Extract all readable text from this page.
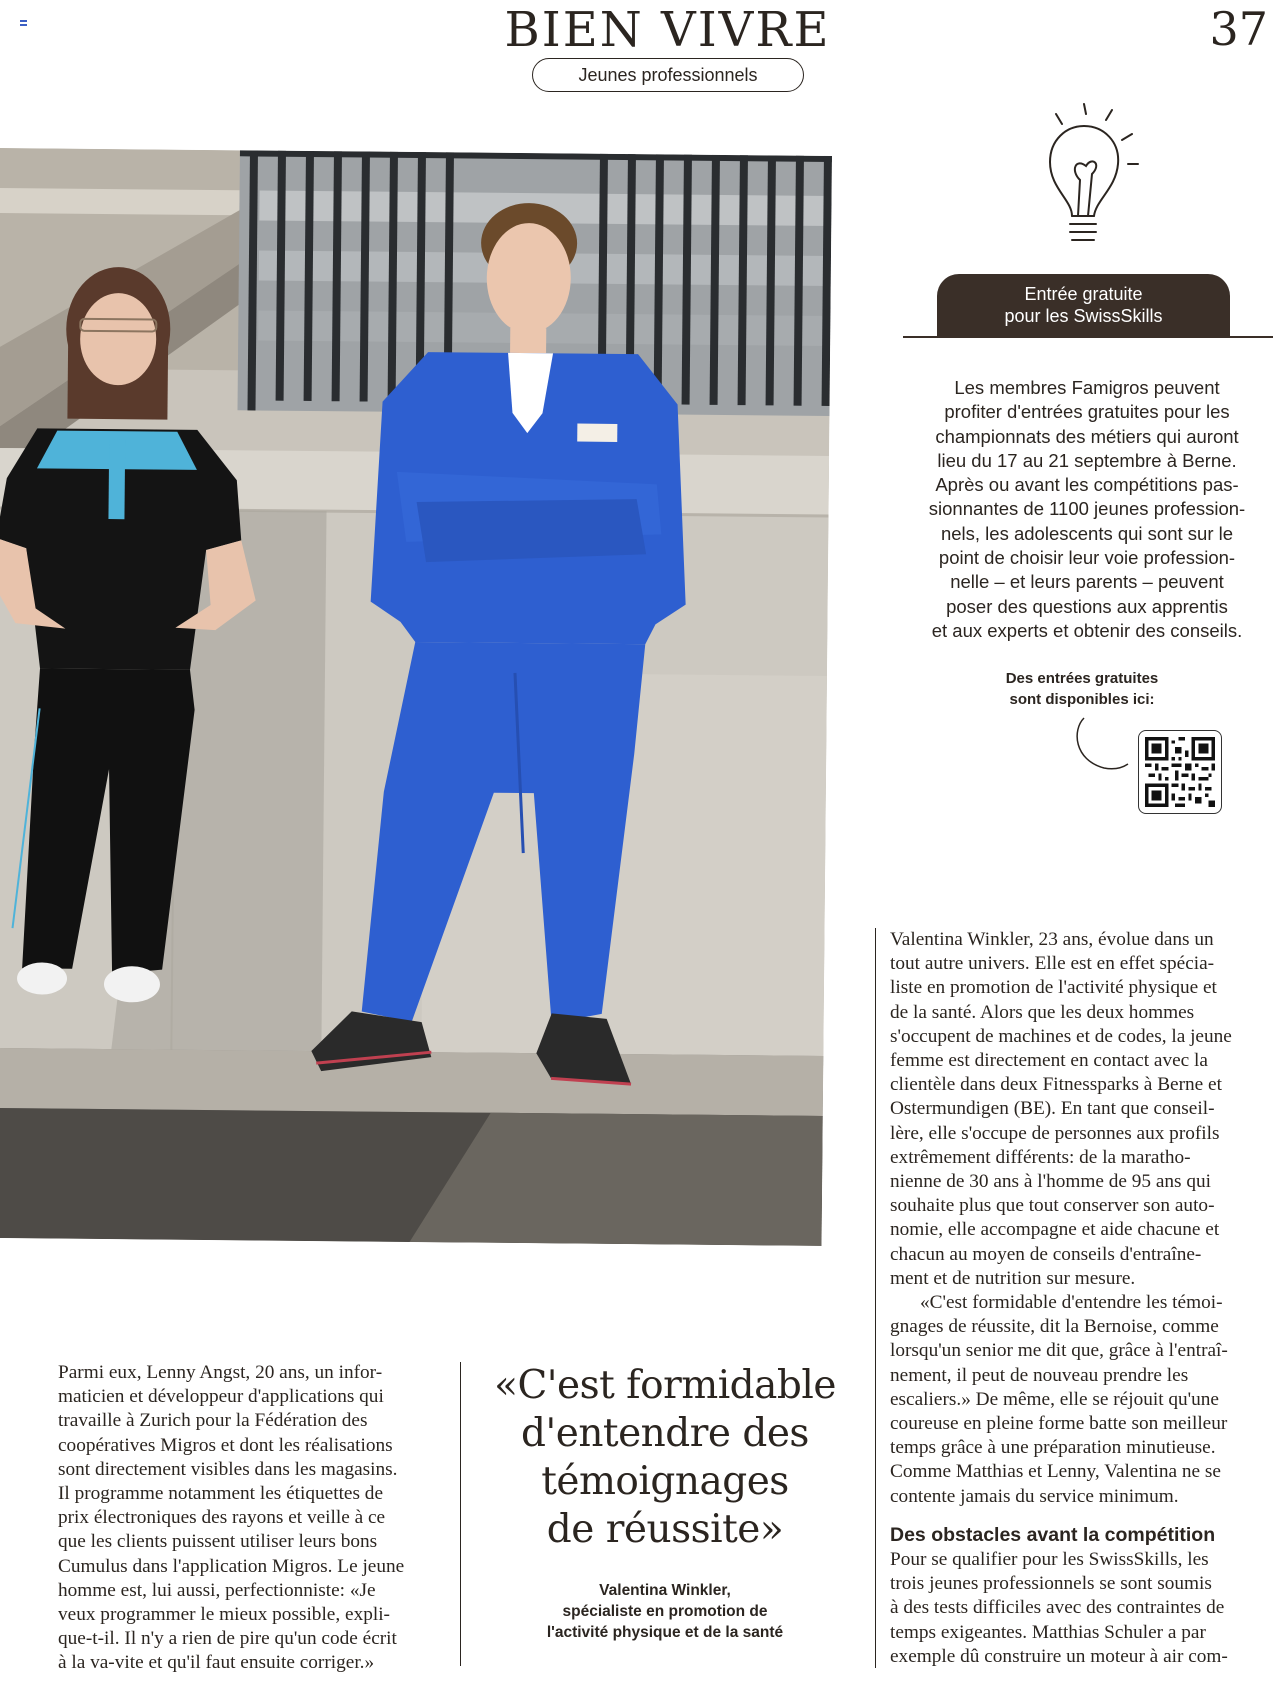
BIEN VIVRE	37
Jeunes professionnels
Entrée gratuite
pour les SwissSkills
Les membres Famigros peuvent
profiter d'entrées gratuites pour les
championnats des métiers qui auront
lieu du 17 au 21 septembre à Berne.
Après ou avant les compétitions pas-
sionnantes de 1100 jeunes profession-
nels, les adolescents qui sont sur le
point de choisir leur voie profession-
nelle – et leurs parents – peuvent
poser des questions aux apprentis
et aux experts et obtenir des conseils.
Des entrées gratuites
sont disponibles ici:
Parmi eux, Lenny Angst, 20 ans, un infor-
maticien et développeur d'applications qui
travaille à Zurich pour la Fédération des
coopératives Migros et dont les réalisations
sont directement visibles dans les magasins.
Il programme notamment les étiquettes de
prix électroniques des rayons et veille à ce
que les clients puissent utiliser leurs bons
Cumulus dans l'application Migros. Le jeune
homme est, lui aussi, perfectionniste: «Je
veux programmer le mieux possible, expli-
que-t-il. Il n'y a rien de pire qu'un code écrit
à la va-vite et qu'il faut ensuite corriger.»
«C'est formidable
d'entendre des
témoignages
de réussite»
Valentina Winkler,
spécialiste en promotion de
l'activité physique et de la santé
Valentina Winkler, 23 ans, évolue dans un
tout autre univers. Elle est en effet spécia-
liste en promotion de l'activité physique et
de la santé. Alors que les deux hommes
s'occupent de machines et de codes, la jeune
femme est directement en contact avec la
clientèle dans deux Fitnessparks à Berne et
Ostermundigen (BE). En tant que conseil-
lère, elle s'occupe de personnes aux profils
extrêmement différents: de la maratho-
nienne de 30 ans à l'homme de 95 ans qui
souhaite plus que tout conserver son auto-
nomie, elle accompagne et aide chacune et
chacun au moyen de conseils d'entraîne-
ment et de nutrition sur mesure.
«C'est formidable d'entendre les témoi-
gnages de réussite, dit la Bernoise, comme
lorsqu'un senior me dit que, grâce à l'entraî-
nement, il peut de nouveau prendre les
escaliers.» De même, elle se réjouit qu'une
coureuse en pleine forme batte son meilleur
temps grâce à une préparation minutieuse.
Comme Matthias et Lenny, Valentina ne se
contente jamais du service minimum.
Des obstacles avant la compétition
Pour se qualifier pour les SwissSkills, les
trois jeunes professionnels se sont soumis
à des tests difficiles avec des contraintes de
temps exigeantes. Matthias Schuler a par
exemple dû construire un moteur à air com-
